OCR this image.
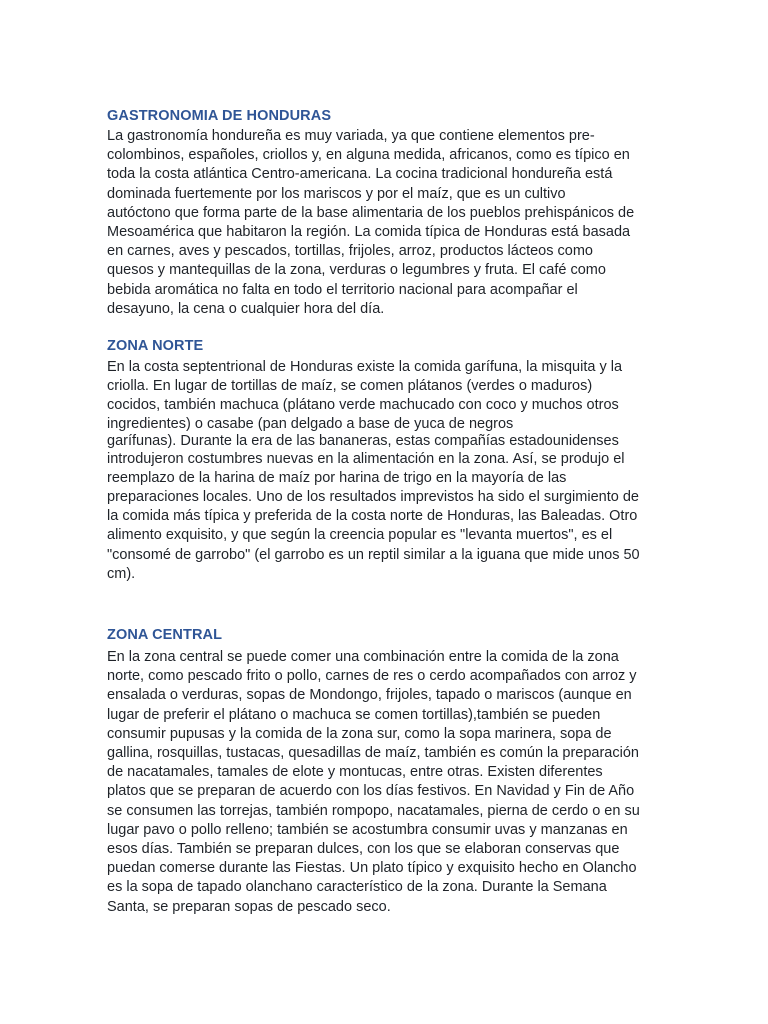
GASTRONOMIA DE HONDURAS
La gastronomía hondureña es muy variada, ya que contiene elementos pre-
colombinos, españoles, criollos y, en alguna medida, africanos, como es típico en
toda la costa atlántica Centro-americana. La cocina tradicional hondureña está
dominada fuertemente por los mariscos y por el maíz, que es un cultivo
autóctono que forma parte de la base alimentaria de los pueblos prehispánicos de
Mesoamérica que habitaron la región. La comida típica de Honduras está basada
en carnes, aves y pescados, tortillas, frijoles, arroz, productos lácteos como
quesos y mantequillas de la zona, verduras o legumbres y fruta. El café como
bebida aromática no falta en todo el territorio nacional para acompañar el
desayuno, la cena o cualquier hora del día.
ZONA NORTE
En la costa septentrional de Honduras existe la comida garífuna, la misquita y la
criolla. En lugar de tortillas de maíz, se comen plátanos (verdes o maduros)
cocidos, también machuca (plátano verde machucado con coco y muchos otros
ingredientes) o casabe (pan delgado a base de yuca de negros
garífunas). Durante la era de las bananeras, estas compañías estadounidenses
introdujeron costumbres nuevas en la alimentación en la zona. Así, se produjo el
reemplazo de la harina de maíz por harina de trigo en la mayoría de las
preparaciones locales. Uno de los resultados imprevistos ha sido el surgimiento de
la comida más típica y preferida de la costa norte de Honduras, las Baleadas. Otro
alimento exquisito, y que según la creencia popular es "levanta muertos", es el
"consomé de garrobo" (el garrobo es un reptil similar a la iguana que mide unos 50
cm).
ZONA CENTRAL
En la zona central se puede comer una combinación entre la comida de la zona
norte, como pescado frito o pollo, carnes de res o cerdo acompañados con arroz y
ensalada o verduras, sopas de Mondongo, frijoles, tapado o mariscos (aunque en
lugar de preferir el plátano o machuca se comen tortillas),también se pueden
consumir pupusas y la comida de la zona sur, como la sopa marinera, sopa de
gallina, rosquillas, tustacas, quesadillas de maíz, también es común la preparación
de nacatamales, tamales de elote y montucas, entre otras. Existen diferentes
platos que se preparan de acuerdo con los días festivos. En Navidad y Fin de Año
se consumen las torrejas, también rompopo, nacatamales, pierna de cerdo o en su
lugar pavo o pollo relleno; también se acostumbra consumir uvas y manzanas en
esos días. También se preparan dulces, con los que se elaboran conservas que
puedan comerse durante las Fiestas. Un plato típico y exquisito hecho en Olancho
es la sopa de tapado olanchano característico de la zona. Durante la Semana
Santa, se preparan sopas de pescado seco.
